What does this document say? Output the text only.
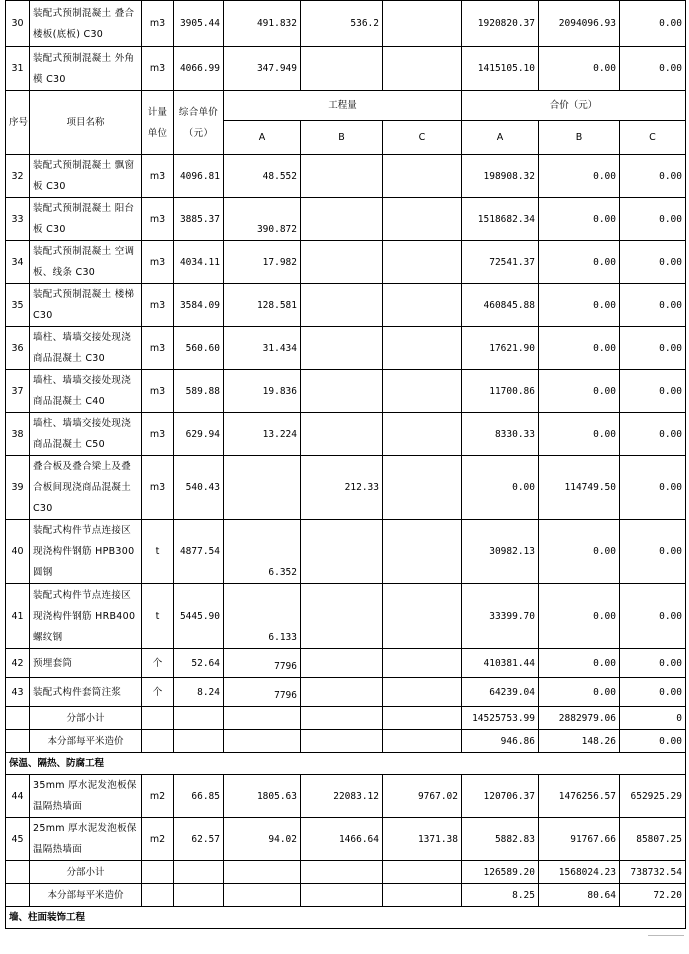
30	装配式预制混凝土 叠合楼板(底板) C30	m3	3905.44	491.832	536.2		1920820.37	2094096.93	0.00
31	装配式预制混凝土 外角模 C30	m3	4066.99	347.949			1415105.10	0.00	0.00
序号	项目名称	计量单位	综合单价（元）	工程量			合价（元）		
				A	B	C	A	B	C
32	装配式预制混凝土 飘窗板 C30	m3	4096.81	48.552			198908.32	0.00	0.00
33	装配式预制混凝土 阳台板 C30	m3	3885.37	390.872			1518682.34	0.00	0.00
34	装配式预制混凝土 空调板、线条 C30	m3	4034.11	17.982			72541.37	0.00	0.00
35	装配式预制混凝土 楼梯C30	m3	3584.09	128.581			460845.88	0.00	0.00
36	墙柱、墙墙交接处现浇商品混凝土 C30	m3	560.60	31.434			17621.90	0.00	0.00
37	墙柱、墙墙交接处现浇商品混凝土 C40	m3	589.88	19.836			11700.86	0.00	0.00
38	墙柱、墙墙交接处现浇商品混凝土 C50	m3	629.94	13.224			8330.33	0.00	0.00
39	叠合板及叠合梁上及叠合板间现浇商品混凝土 C30	m3	540.43		212.33		0.00	114749.50	0.00
40	装配式构件节点连接区现浇构件钢筋 HPB300 圆钢	t	4877.54	6.352			30982.13	0.00	0.00
41	装配式构件节点连接区现浇构件钢筋 HRB400 螺纹钢	t	5445.90	6.133			33399.70	0.00	0.00
42	预埋套筒	个	52.64	7796			410381.44	0.00	0.00
43	装配式构件套筒注浆	个	8.24	7796			64239.04	0.00	0.00
	分部小计						14525753.99	2882979.06	0
	本分部每平米造价						946.86	148.26	0.00
保温、隔热、防腐工程									
44	35mm 厚水泥发泡板保温隔热墙面	m2	66.85	1805.63	22083.12	9767.02	120706.37	1476256.57	652925.29
45	25mm 厚水泥发泡板保温隔热墙面	m2	62.57	94.02	1466.64	1371.38	5882.83	91767.66	85807.25
	分部小计						126589.20	1568024.23	738732.54
	本分部每平米造价						8.25	80.64	72.20
墙、柱面装饰工程									
